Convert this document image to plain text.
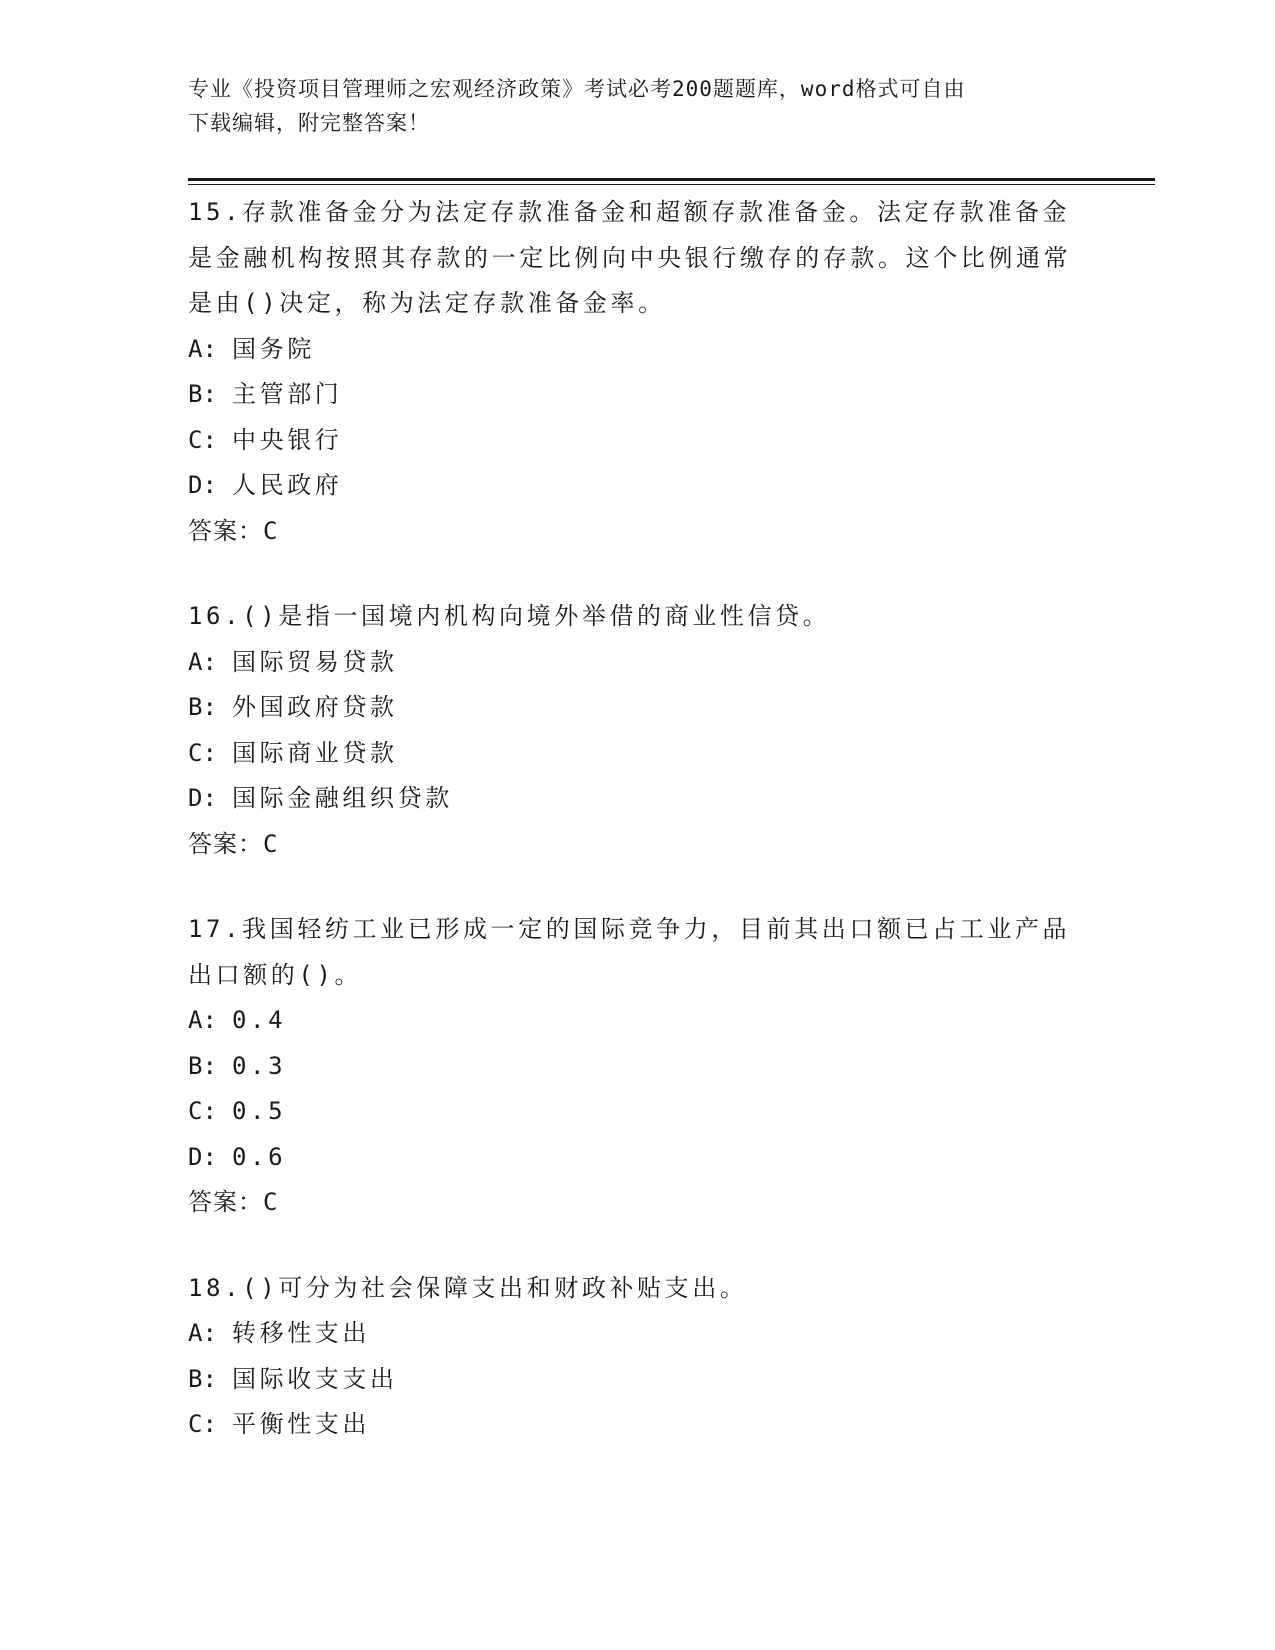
专业《投资项目管理师之宏观经济政策》考试必考200题题库，word格式可自由
下载编辑，附完整答案！

15.存款准备金分为法定存款准备金和超额存款准备金。法定存款准备金是金融机构按照其存款的一定比例向中央银行缴存的存款。这个比例通常是由()决定，称为法定存款准备金率。

A: 国务院

B: 主管部门

C: 中央银行

D: 人民政府

答案：C

16.()是指一国境内机构向境外举借的商业性信贷。

A: 国际贸易贷款

B: 外国政府贷款

C: 国际商业贷款

D: 国际金融组织贷款

答案：C

17.我国轻纺工业已形成一定的国际竞争力，目前其出口额已占工业产品出口额的()。

A: 0.4

B: 0.3

C: 0.5

D: 0.6

答案：C

18.()可分为社会保障支出和财政补贴支出。

A: 转移性支出

B: 国际收支支出

C: 平衡性支出
